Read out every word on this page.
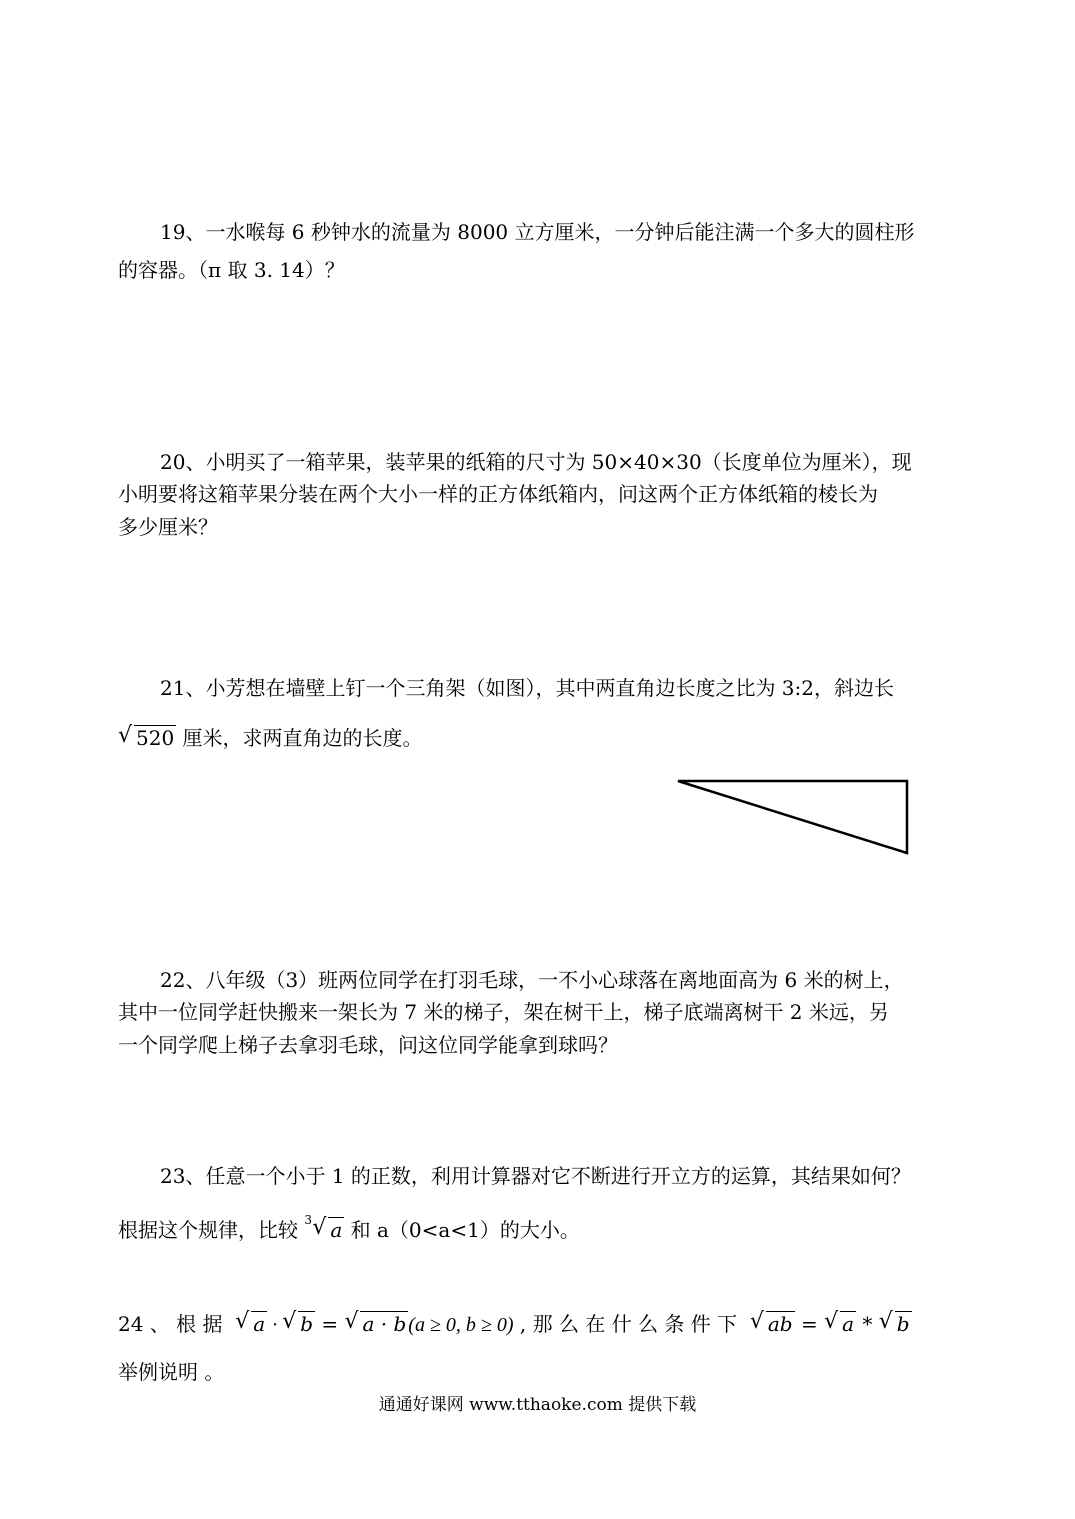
19、一水喉每 6 秒钟水的流量为 8000 立方厘米，一分钟后能注满一个多大的圆柱形
的容器。（π 取 3. 14）？
20、小明买了一箱苹果，装苹果的纸箱的尺寸为 50×40×30（长度单位为厘米），现
小明要将这箱苹果分装在两个大小一样的正方体纸箱内，问这两个正方体纸箱的棱长为
多少厘米？
21、小芳想在墙壁上钉一个三角架（如图），其中两直角边长度之比为 3:2，斜边长
√ 520 厘米，求两直角边的长度。
22、八年级（3）班两位同学在打羽毛球，一不小心球落在离地面高为 6 米的树上，
其中一位同学赶快搬来一架长为 7 米的梯子，架在树干上，梯子底端离树干 2 米远，另
一个同学爬上梯子去拿羽毛球，问这位同学能拿到球吗？
23、任意一个小于 1 的正数，利用计算器对它不断进行开立方的运算，其结果如何？
根据这个规律，比较 3 √ a 和 a（0<a<1）的大小。
24 、 根 据 √ a · √ b = √ a · b (a ≥ 0, b ≥ 0) , 那 么 在 什 么 条 件 下 √ ab = √ a * √ b
举例说明 。
通通好课网 www.tthaoke.com 提供下载
